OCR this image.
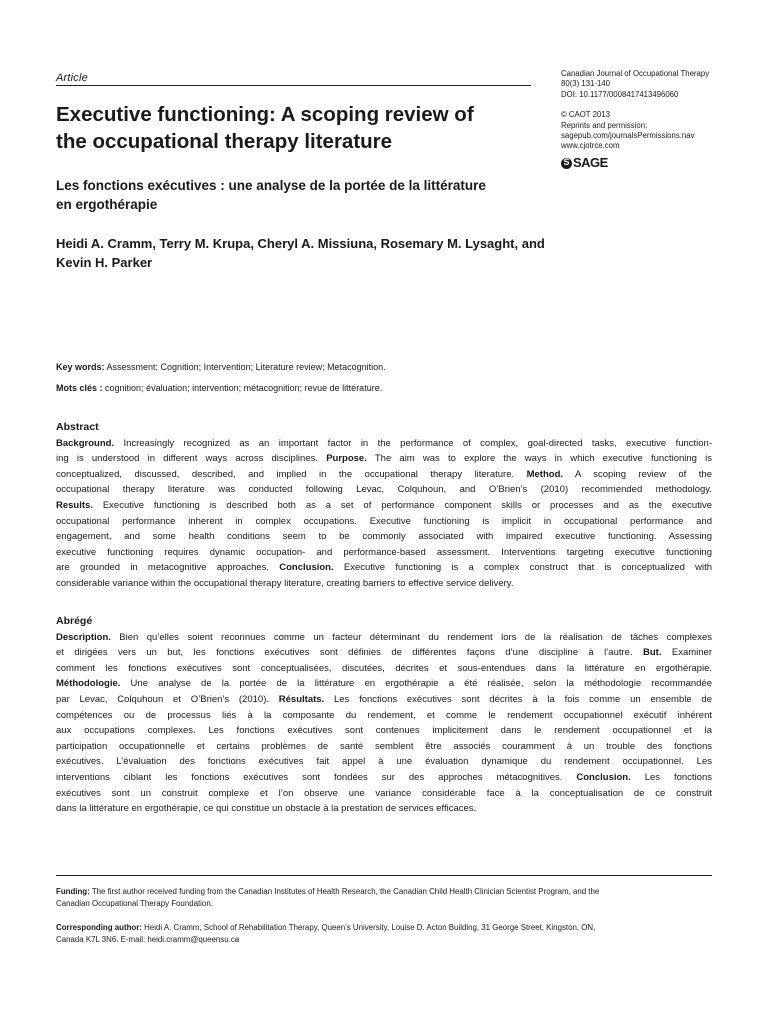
Article
Executive functioning: A scoping review of
the occupational therapy literature
Les fonctions exécutives : une analyse de la portée de la littérature
en ergothérapie
Canadian Journal of Occupational Therapy
80(3) 131-140
DOI: 10.1177/0008417413496060
© CAOT 2013
Reprints and permission:
sagepub.com/journalsPermissions.nav
www.cjotrce.com
S
SAGE
Heidi A. Cramm, Terry M. Krupa, Cheryl A. Missiuna, Rosemary M. Lysaght, and
Kevin H. Parker
Key words: Assessment; Cognition; Intervention; Literature review; Metacognition.
Mots clés : cognition; évaluation; intervention; métacognition; revue de littérature.
Abstract
Background. Increasingly recognized as an important factor in the performance of complex, goal-directed tasks, executive function-
ing is understood in different ways across disciplines. Purpose. The aim was to explore the ways in which executive functioning is
conceptualized, discussed, described, and implied in the occupational therapy literature. Method. A scoping review of the
occupational therapy literature was conducted following Levac, Colquhoun, and O’Brien’s (2010) recommended methodology.
Results. Executive functioning is described both as a set of performance component skills or processes and as the executive
occupational performance inherent in complex occupations. Executive functioning is implicit in occupational performance and
engagement, and some health conditions seem to be commonly associated with impaired executive functioning. Assessing
executive functioning requires dynamic occupation- and performance-based assessment. Interventions targeting executive functioning
are grounded in metacognitive approaches. Conclusion. Executive functioning is a complex construct that is conceptualized with
considerable variance within the occupational therapy literature, creating barriers to effective service delivery.
Abrégé
Description. Bien qu’elles soient reconnues comme un facteur déterminant du rendement lors de la réalisation de tâches complexes
et dirigées vers un but, les fonctions exécutives sont définies de différentes façons d’une discipline à l’autre. But. Examiner
comment les fonctions exécutives sont conceptualisées, discutées, décrites et sous-entendues dans la littérature en ergothérapie.
Méthodologie. Une analyse de la portée de la littérature en ergothérapie a été réalisée, selon la méthodologie recommandée
par Levac, Colquhoun et O’Brien’s (2010). Résultats. Les fonctions exécutives sont décrites à la fois comme un ensemble de
compétences ou de processus liés à la composante du rendement, et comme le rendement occupationnel exécutif inhérent
aux occupations complexes. Les fonctions exécutives sont contenues implicitement dans le rendement occupationnel et la
participation occupationnelle et certains problèmes de santé semblent être associés couramment à un trouble des fonctions
exécutives. L’évaluation des fonctions exécutives fait appel à une évaluation dynamique du rendement occupationnel. Les
interventions ciblant les fonctions exécutives sont fondées sur des approches métacognitives. Conclusion. Les fonctions
exécutives sont un construit complexe et l’on observe une variance considérable face à la conceptualisation de ce construit
dans la littérature en ergothérapie, ce qui constitue un obstacle à la prestation de services efficaces.
Funding: The first author received funding from the Canadian Institutes of Health Research, the Canadian Child Health Clinician Scientist Program, and the
Canadian Occupational Therapy Foundation.
Corresponding author: Heidi A. Cramm, School of Rehabilitation Therapy, Queen’s University, Louise D. Acton Building, 31 George Street, Kingston, ON,
Canada K7L 3N6. E-mail: heidi.cramm@queensu.ca
